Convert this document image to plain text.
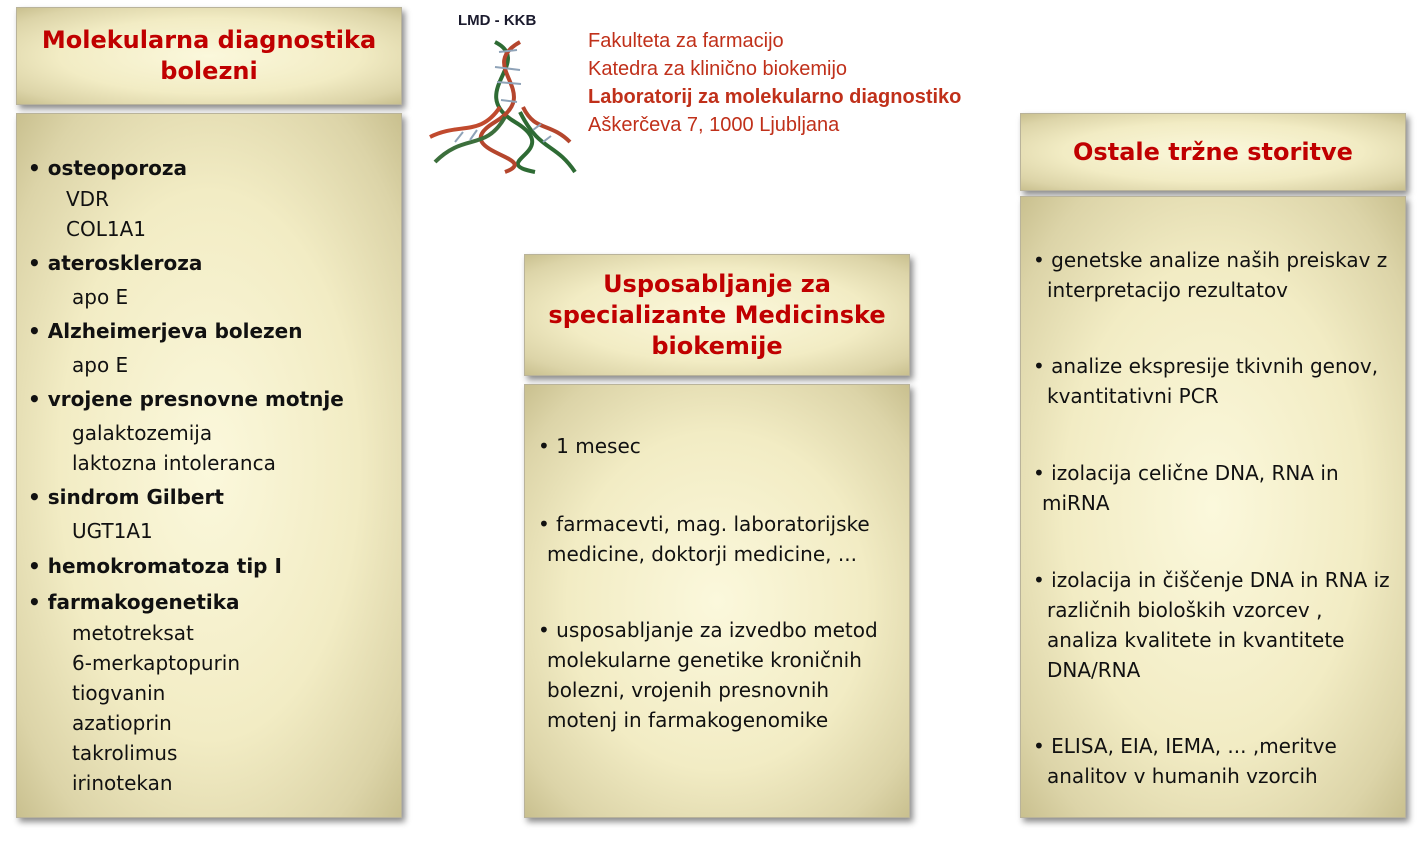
LMD - KKB
Fakulteta za farmacijo
Katedra za klinično biokemijo
Laboratorij za molekularno diagnostiko
Aškerčeva 7, 1000 Ljubljana
Molekularna diagnostika
bolezni
• osteoporoza
VDR
COL1A1
• ateroskleroza
apo E
• Alzheimerjeva bolezen
apo E
• vrojene presnovne motnje
galaktozemija
laktozna intoleranca
• sindrom Gilbert
UGT1A1
• hemokromatoza tip I
• farmakogenetika
metotreksat
6-merkaptopurin
tiogvanin
azatioprin
takrolimus
irinotekan
Usposabljanje za
specializante Medicinske
biokemije
• 1 mesec
• farmacevti, mag. laboratorijske
medicine, doktorji medicine, ...
• usposabljanje za izvedbo metod
molekularne genetike kroničnih
bolezni, vrojenih presnovnih
motenj in farmakogenomike
Ostale tržne storitve
• genetske analize naših preiskav z
interpretacijo rezultatov
• analize ekspresije tkivnih genov,
kvantitativni PCR
• izolacija celične DNA, RNA in
miRNA
• izolacija in čiščenje DNA in RNA iz
različnih bioloških vzorcev ,
analiza kvalitete in kvantitete
DNA/RNA
• ELISA, EIA, IEMA, ... ,meritve
analitov v humanih vzorcih
